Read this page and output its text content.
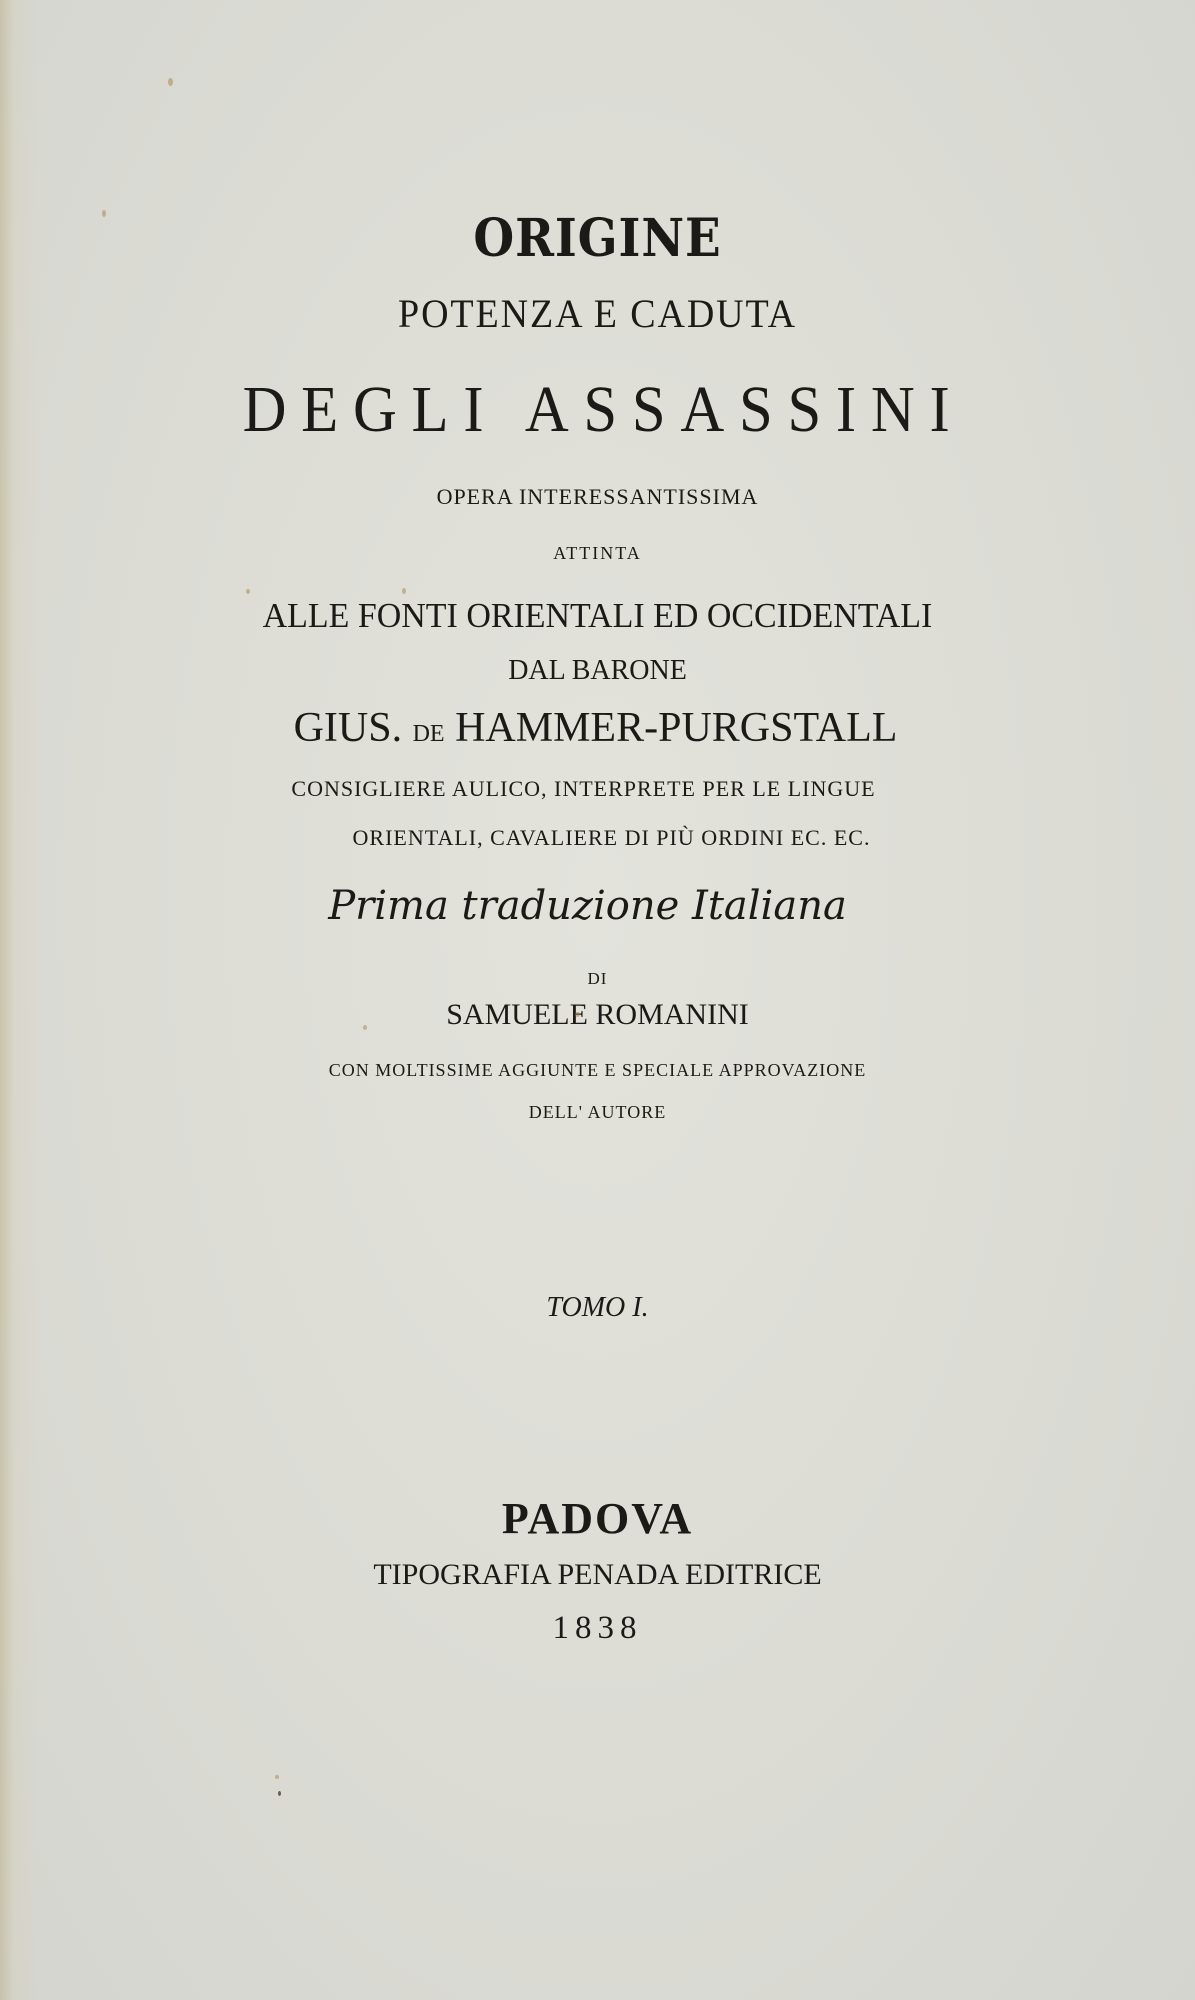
ORIGINE
POTENZA E CADUTA
DEGLI ASSASSINI
OPERA INTERESSANTISSIMA
ATTINTA
ALLE FONTI ORIENTALI ED OCCIDENTALI
DAL BARONE
GIUS. DE HAMMER-PURGSTALL
CONSIGLIERE AULICO, INTERPRETE PER LE LINGUE
ORIENTALI, CAVALIERE DI PIÙ ORDINI EC. EC.
Prima traduzione Italiana
DI
SAMUELE ROMANINI
CON MOLTISSIME AGGIUNTE E SPECIALE APPROVAZIONE
DELL' AUTORE
TOMO I.
PADOVA
TIPOGRAFIA PENADA EDITRICE
1838
